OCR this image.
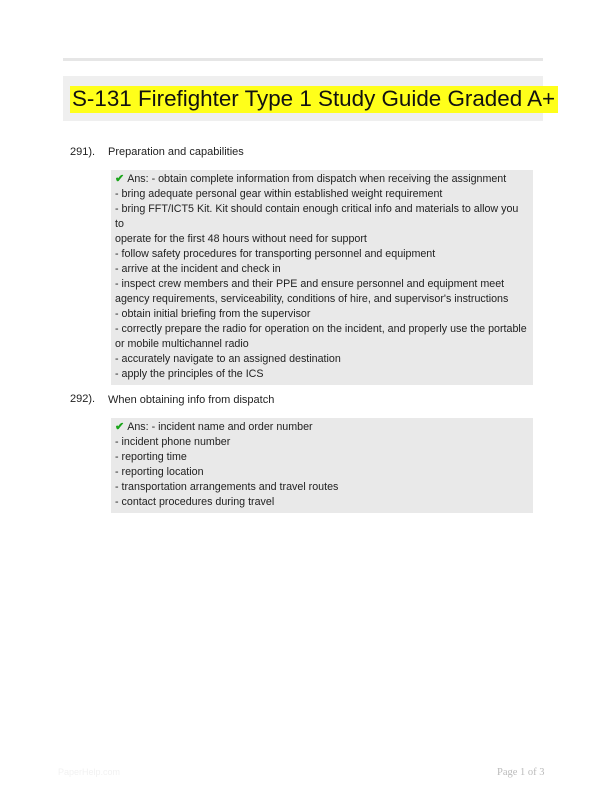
S-131 Firefighter Type 1 Study Guide Graded A+
291). Preparation and capabilities
✔ Ans: - obtain complete information from dispatch when receiving the assignment
- bring adequate personal gear within established weight requirement
- bring FFT/ICT5 Kit. Kit should contain enough critical info and materials to allow you to
operate for the first 48 hours without need for support
- follow safety procedures for transporting personnel and equipment
- arrive at the incident and check in
- inspect crew members and their PPE and ensure personnel and equipment meet
agency requirements, serviceability, conditions of hire, and supervisor's instructions
- obtain initial briefing from the supervisor
- correctly prepare the radio for operation on the incident, and properly use the portable
or mobile multichannel radio
- accurately navigate to an assigned destination
- apply the principles of the ICS
292). When obtaining info from dispatch
✔ Ans: - incident name and order number
- incident phone number
- reporting time
- reporting location
- transportation arrangements and travel routes
- contact procedures during travel
PaperHelp.com	Page 1 of 3
